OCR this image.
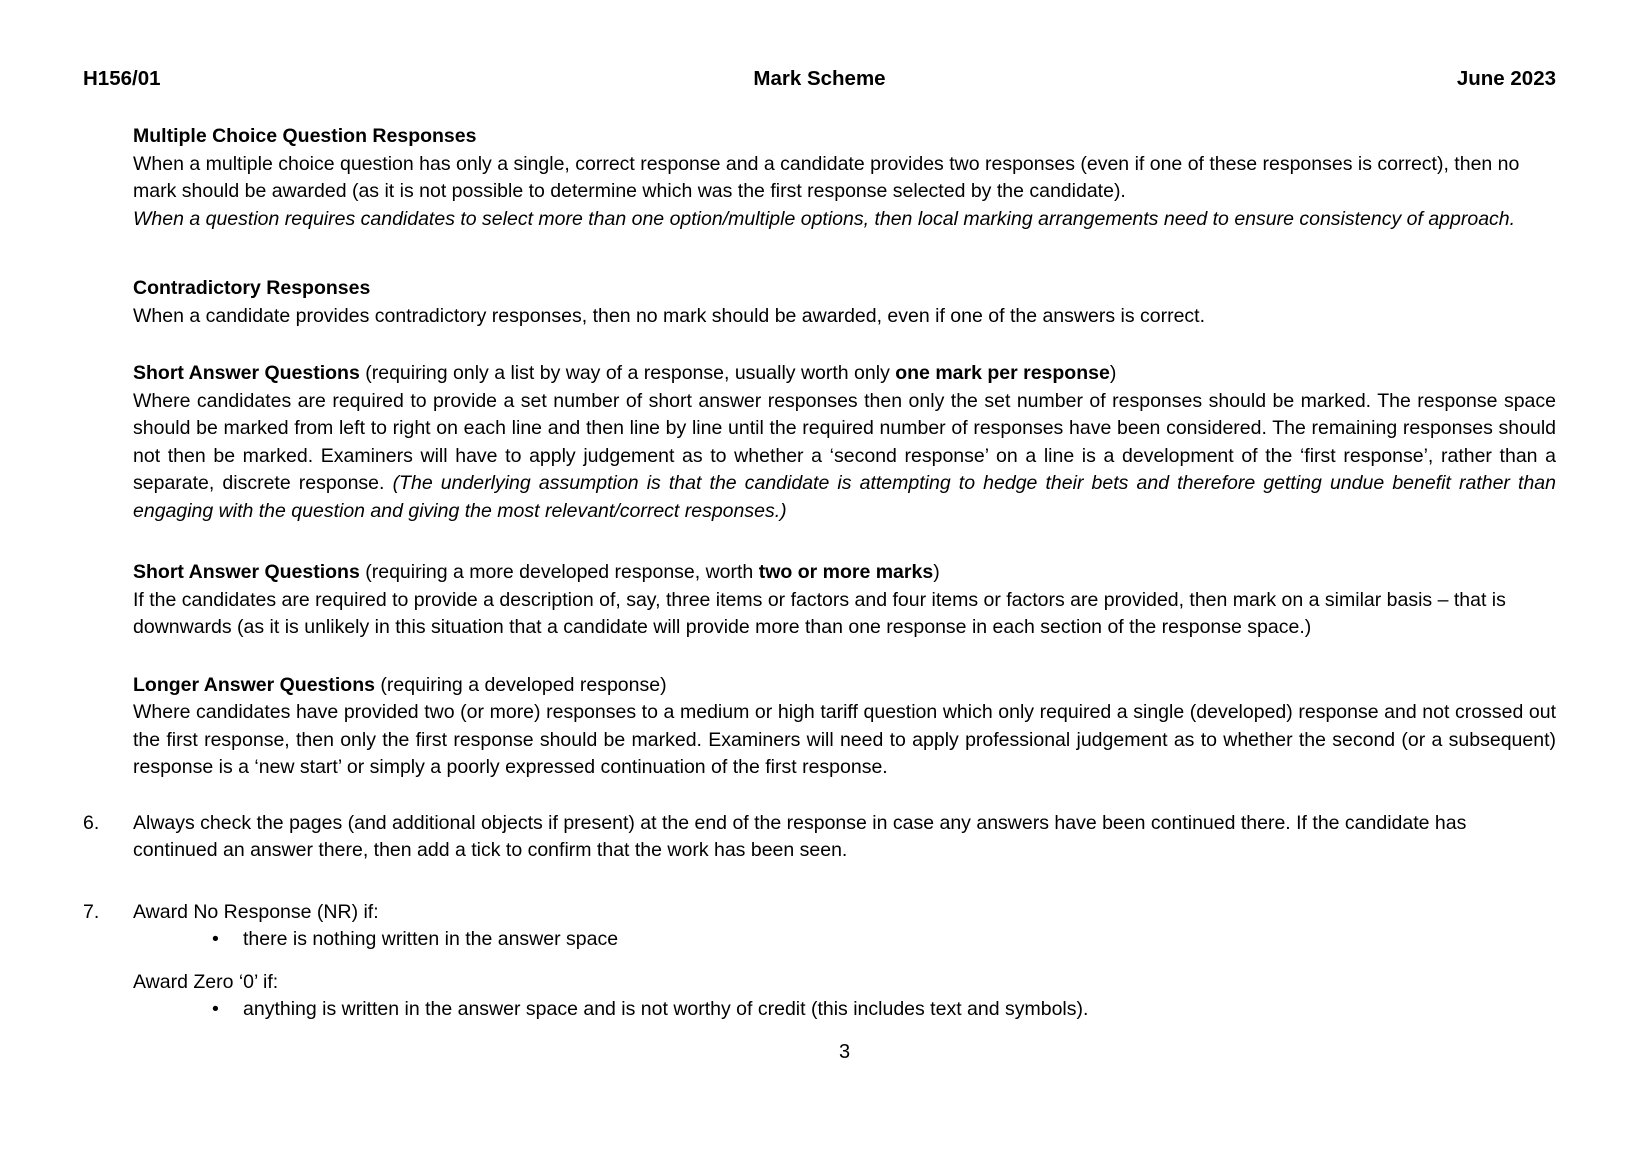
H156/01	Mark Scheme	June 2023
Multiple Choice Question Responses

When a multiple choice question has only a single, correct response and a candidate provides two responses (even if one of these responses is correct), then no mark should be awarded (as it is not possible to determine which was the first response selected by the candidate).

When a question requires candidates to select more than one option/multiple options, then local marking arrangements need to ensure consistency of approach.

Contradictory Responses

When a candidate provides contradictory responses, then no mark should be awarded, even if one of the answers is correct.

Short Answer Questions (requiring only a list by way of a response, usually worth only one mark per response)

Where candidates are required to provide a set number of short answer responses then only the set number of responses should be marked. The response space should be marked from left to right on each line and then line by line until the required number of responses have been considered. The remaining responses should not then be marked. Examiners will have to apply judgement as to whether a ‘second response’ on a line is a development of the ‘first response’, rather than a separate, discrete response. (The underlying assumption is that the candidate is attempting to hedge their bets and therefore getting undue benefit rather than engaging with the question and giving the most relevant/correct responses.)

Short Answer Questions (requiring a more developed response, worth two or more marks)

If the candidates are required to provide a description of, say, three items or factors and four items or factors are provided, then mark on a similar basis – that is downwards (as it is unlikely in this situation that a candidate will provide more than one response in each section of the response space.)

Longer Answer Questions (requiring a developed response)

Where candidates have provided two (or more) responses to a medium or high tariff question which only required a single (developed) response and not crossed out the first response, then only the first response should be marked. Examiners will need to apply professional judgement as to whether the second (or a subsequent) response is a ‘new start’ or simply a poorly expressed continuation of the first response.

6.	Always check the pages (and additional objects if present) at the end of the response in case any answers have been continued there. If the candidate has continued an answer there, then add a tick to confirm that the work has been seen.

7.	Award No Response (NR) if:

•	there is nothing written in the answer space

Award Zero ‘0’ if:

•	anything is written in the answer space and is not worthy of credit (this includes text and symbols).

3
